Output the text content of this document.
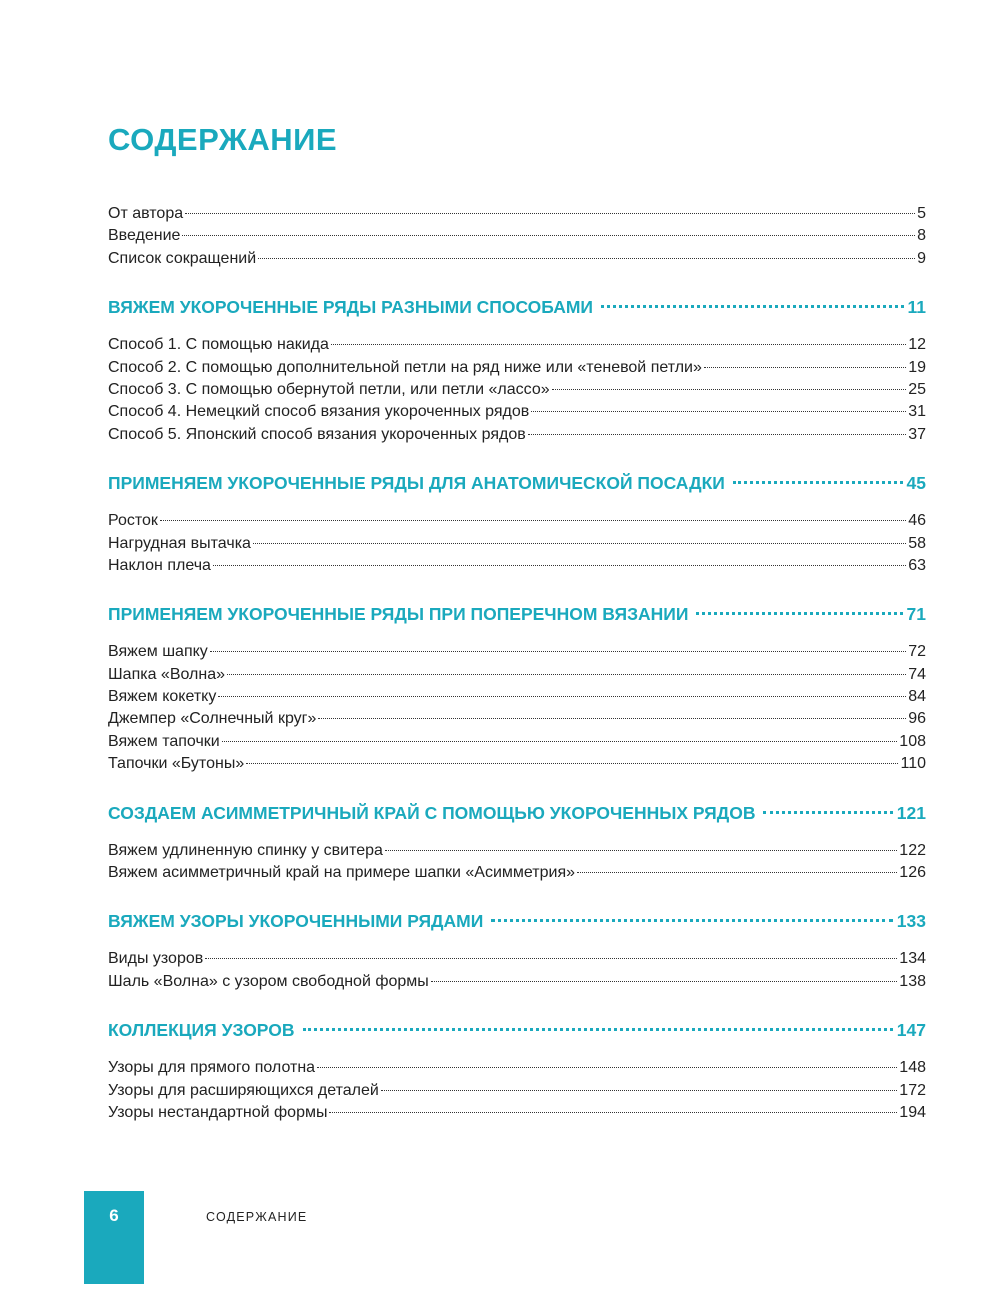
СОДЕРЖАНИЕ
От автора	5
Введение	8
Список сокращений	9
ВЯЖЕМ УКОРОЧЕННЫЕ РЯДЫ РАЗНЫМИ СПОСОБАМИ	11
Способ 1. С помощью накида	12
Способ 2. С помощью дополнительной петли на ряд ниже или «теневой петли»	19
Способ 3. С помощью обернутой петли, или петли «лассо»	25
Способ 4. Немецкий способ вязания укороченных рядов	31
Способ 5. Японский способ вязания укороченных рядов	37
ПРИМЕНЯЕМ УКОРОЧЕННЫЕ РЯДЫ ДЛЯ АНАТОМИЧЕСКОЙ ПОСАДКИ	45
Росток	46
Нагрудная вытачка	58
Наклон плеча	63
ПРИМЕНЯЕМ УКОРОЧЕННЫЕ РЯДЫ ПРИ ПОПЕРЕЧНОМ ВЯЗАНИИ	71
Вяжем шапку	72
Шапка «Волна»	74
Вяжем кокетку	84
Джемпер «Солнечный круг»	96
Вяжем тапочки	108
Тапочки «Бутоны»	110
СОЗДАЕМ АСИММЕТРИЧНЫЙ КРАЙ С ПОМОЩЬЮ УКОРОЧЕННЫХ РЯДОВ	121
Вяжем удлиненную спинку у свитера	122
Вяжем асимметричный край на примере шапки «Асимметрия»	126
ВЯЖЕМ УЗОРЫ УКОРОЧЕННЫМИ РЯДАМИ	133
Виды узоров	134
Шаль «Волна» с узором свободной формы	138
КОЛЛЕКЦИЯ УЗОРОВ	147
Узоры для прямого полотна	148
Узоры для расширяющихся деталей	172
Узоры нестандартной формы	194
6	СОДЕРЖАНИЕ
